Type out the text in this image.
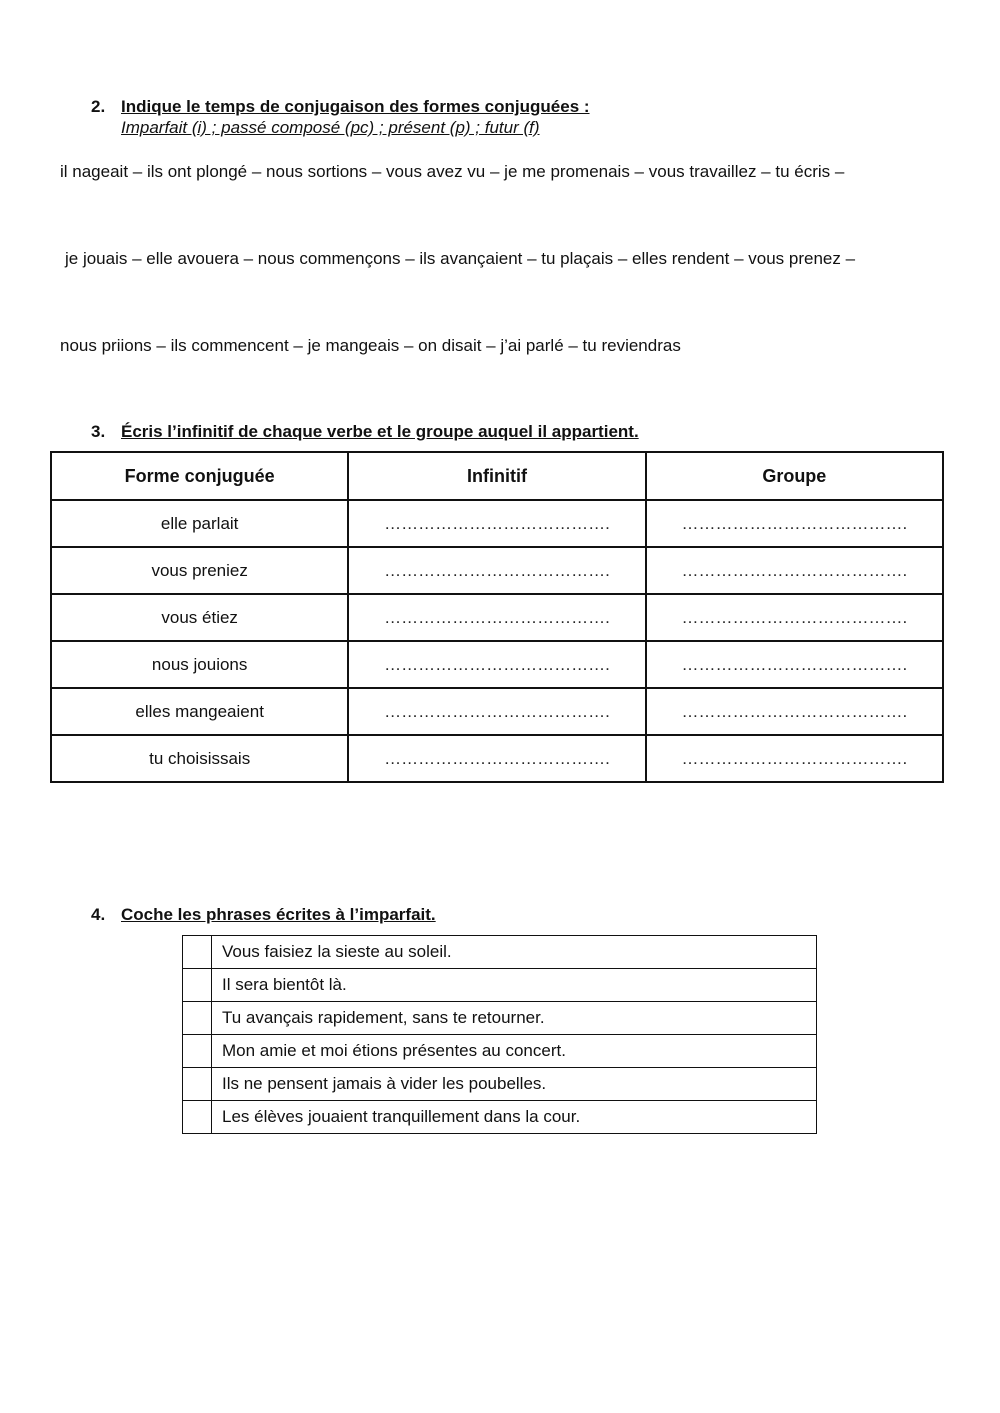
2. Indique le temps de conjugaison des formes conjuguées :
Imparfait (i) ; passé composé (pc) ; présent (p) ; futur (f)
il nageait – ils ont plongé – nous sortions – vous avez vu – je me promenais – vous travaillez – tu écris –
je jouais – elle avouera – nous commençons – ils avançaient – tu plaçais – elles rendent – vous prenez –
nous priions – ils commencent – je mangeais – on disait – j’ai parlé – tu reviendras
3. Écris l’infinitif de chaque verbe et le groupe auquel il appartient.
Forme conjuguée	Infinitif	Groupe
elle parlait	………………………………….	………………………………….
vous preniez	………………………………….	………………………………….
vous étiez	………………………………….	………………………………….
nous jouions	………………………………….	………………………………….
elles mangeaient	………………………………….	………………………………….
tu choisissais	………………………………….	………………………………….
4. Coche les phrases écrites à l’imparfait.
	Vous faisiez la sieste au soleil.

	Il sera bientôt là.

	Tu avançais rapidement, sans te retourner.

	Mon amie et moi étions présentes au concert.

	Ils ne pensent jamais à vider les poubelles.

	Les élèves jouaient tranquillement dans la cour.
